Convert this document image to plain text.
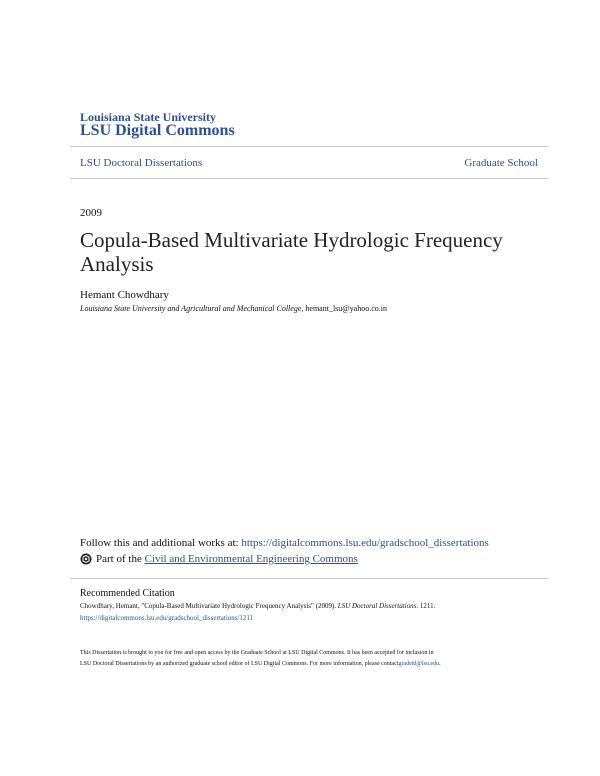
Louisiana State University
LSU Digital Commons
LSU Doctoral Dissertations	Graduate School
2009
Copula-Based Multivariate Hydrologic Frequency Analysis
Hemant Chowdhary
Louisiana State University and Agricultural and Mechanical College, hemant_lsu@yahoo.co.in
Follow this and additional works at: https://digitalcommons.lsu.edu/gradschool_dissertations
Part of the
Civil and Environmental Engineering Commons
Recommended Citation
Chowdhary, Hemant, "Copula-Based Multivariate Hydrologic Frequency Analysis" (2009). LSU Doctoral Dissertations. 1211.
https://digitalcommons.lsu.edu/gradschool_dissertations/1211
This Dissertation is brought to you for free and open access by the Graduate School at LSU Digital Commons. It has been accepted for inclusion in
LSU Doctoral Dissertations by an authorized graduate school editor of LSU Digital Commons. For more information, please contactgradetd@lsu.edu.
